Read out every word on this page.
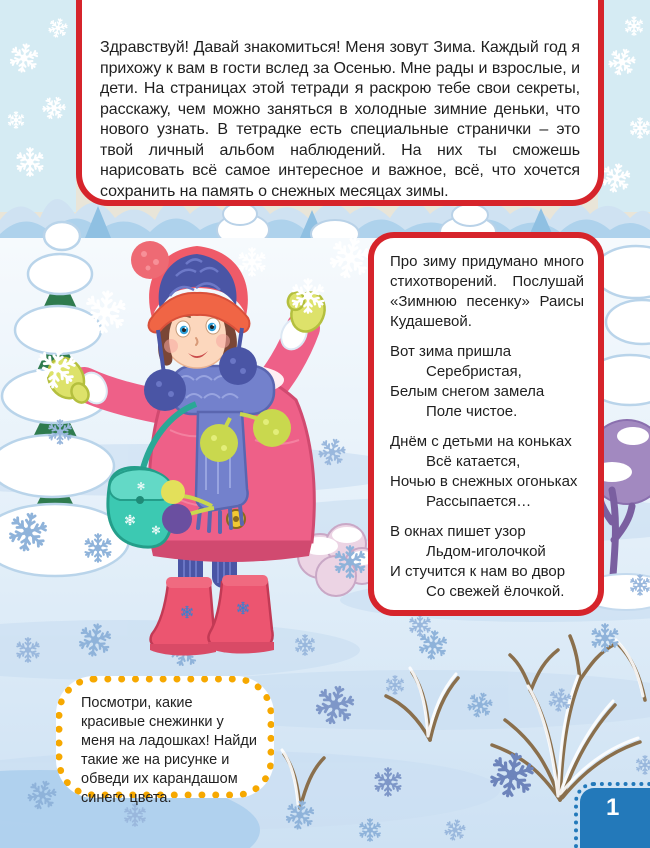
Здравствуй! Давай знакомиться! Меня зовут Зима. Каждый год я прихожу к вам в гости вслед за Осенью. Мне рады и взрослые, и дети. На страницах этой тетради я раскрою тебе свои секреты, расскажу, чем можно заняться в холодные зимние деньки, что нового узнать. В тетрадке есть специальные странички – это твой личный альбом наблюдений. На них ты сможешь нарисовать всё самое интересное и важное, всё, что хочется сохранить на память о снежных месяцах зимы.

Про зиму придумано много стихотворений. Послушай «Зимнюю песенку» Раисы Кудашевой.

Вот зима пришла
Серебристая,
Белым снегом замела
Поле чистое.
Днём с детьми на коньках
Всё катается,
Ночью в снежных огоньках
Рассыпается…
В окнах пишет узор
Льдом-иголочкой
И стучится к нам во двор
Со свежей ёлочкой.

Посмотри, какие красивые снежинки у меня на ладошках! Найди такие же на рисунке и обведи их карандашом синего цвета.	1
